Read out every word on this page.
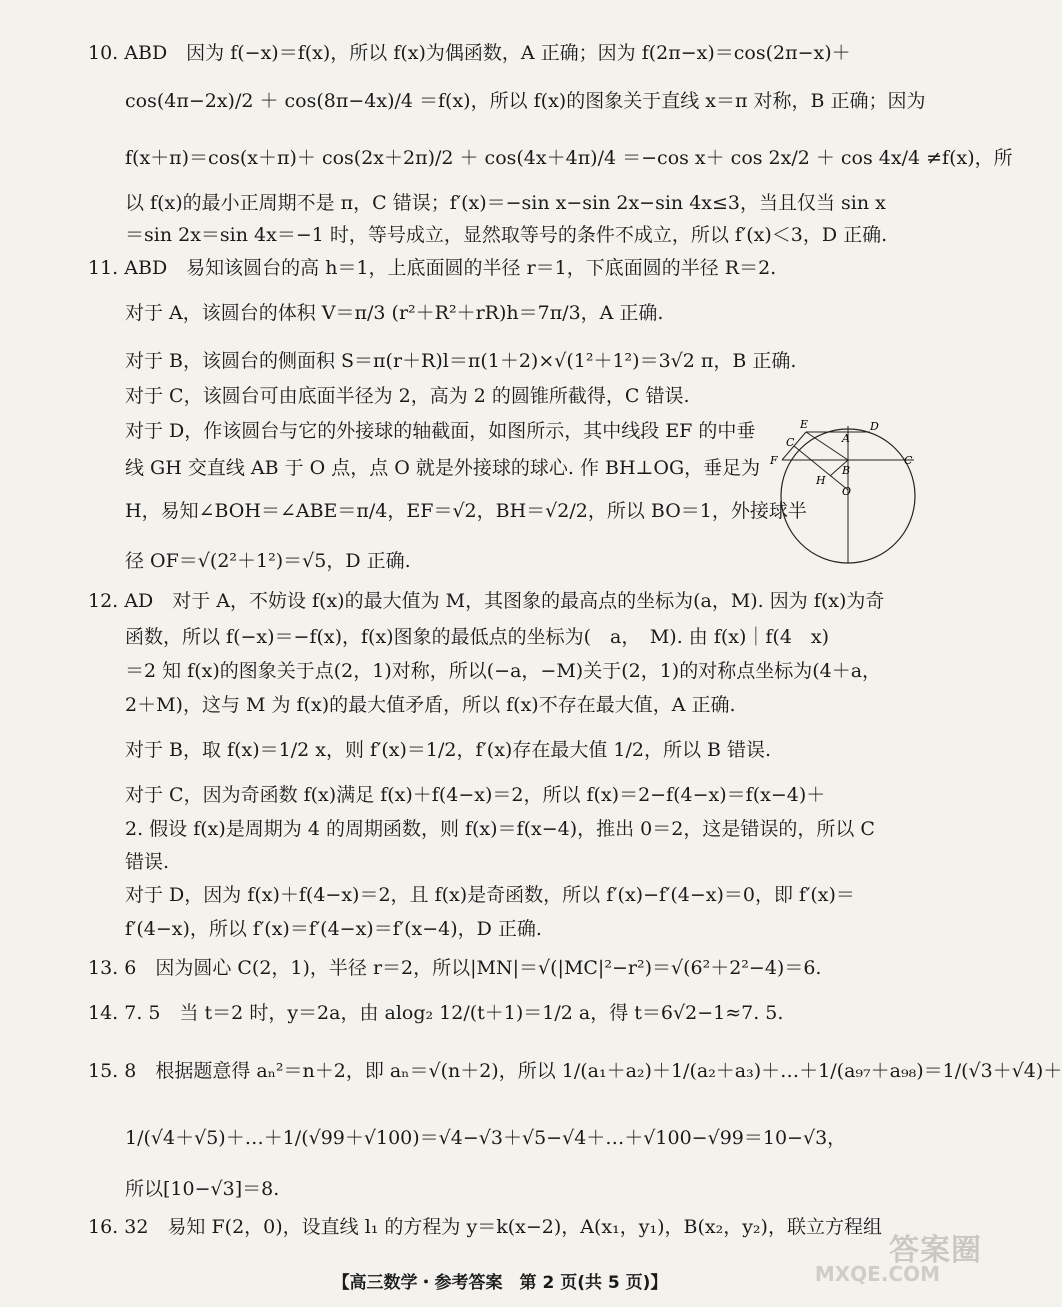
10. ABD　因为 f(−x)＝f(x)，所以 f(x)为偶函数，A 正确；因为 f(2π−x)＝cos(2π−x)＋
cos(4π−2x)/2 ＋ cos(8π−4x)/4 ＝f(x)，所以 f(x)的图象关于直线 x＝π 对称，B 正确；因为
f(x＋π)＝cos(x＋π)＋ cos(2x＋2π)/2 ＋ cos(4x＋4π)/4 ＝−cos x＋ cos 2x/2 ＋ cos 4x/4 ≠f(x)，所
以 f(x)的最小正周期不是 π，C 错误；f′(x)＝−sin x−sin 2x−sin 4x≤3，当且仅当 sin x
＝sin 2x＝sin 4x＝−1 时，等号成立，显然取等号的条件不成立，所以 f′(x)＜3，D 正确.
11. ABD　易知该圆台的高 h＝1，上底面圆的半径 r＝1，下底面圆的半径 R＝2.
对于 A，该圆台的体积 V＝π/3 (r²＋R²＋rR)h＝7π/3，A 正确.
对于 B，该圆台的侧面积 S＝π(r＋R)l＝π(1＋2)×√(1²＋1²)＝3√2 π，B 正确.
对于 C，该圆台可由底面半径为 2，高为 2 的圆锥所截得，C 错误.
对于 D，作该圆台与它的外接球的轴截面，如图所示，其中线段 EF 的中垂
线 GH 交直线 AB 于 O 点，点 O 就是外接球的球心. 作 BH⊥OG，垂足为
H，易知∠BOH＝∠ABE＝π/4，EF＝√2，BH＝√2/2，所以 BO＝1，外接球半
径 OF＝√(2²＋1²)＝√5，D 正确.
E	D
C	A
F	C
B
H
O
12. AD　对于 A，不妨设 f(x)的最大值为 M，其图象的最高点的坐标为(a，M). 因为 f(x)为奇
函数，所以 f(−x)＝−f(x)，f(x)图象的最低点的坐标为(　a，　M). 由 f(x)｜f(4　x)
＝2 知 f(x)的图象关于点(2，1)对称，所以(−a，−M)关于(2，1)的对称点坐标为(4＋a，
2＋M)，这与 M 为 f(x)的最大值矛盾，所以 f(x)不存在最大值，A 正确.
对于 B，取 f(x)＝1/2 x，则 f′(x)＝1/2，f′(x)存在最大值 1/2，所以 B 错误.
对于 C，因为奇函数 f(x)满足 f(x)＋f(4−x)＝2，所以 f(x)＝2−f(4−x)＝f(x−4)＋
2. 假设 f(x)是周期为 4 的周期函数，则 f(x)＝f(x−4)，推出 0＝2，这是错误的，所以 C
错误.
对于 D，因为 f(x)＋f(4−x)＝2，且 f(x)是奇函数，所以 f′(x)−f′(4−x)＝0，即 f′(x)＝
f′(4−x)，所以 f′(x)＝f′(4−x)＝f′(x−4)，D 正确.
13. 6　因为圆心 C(2，1)，半径 r＝2，所以|MN|＝√(|MC|²−r²)＝√(6²＋2²−4)＝6.
14. 7. 5　当 t＝2 时，y＝2a，由 alog₂ 12/(t＋1)＝1/2 a，得 t＝6√2−1≈7. 5.
15. 8　根据题意得 aₙ²＝n＋2，即 aₙ＝√(n＋2)，所以 1/(a₁＋a₂)＋1/(a₂＋a₃)＋…＋1/(a₉₇＋a₉₈)＝1/(√3＋√4)＋
1/(√4＋√5)＋…＋1/(√99＋√100)＝√4−√3＋√5−√4＋…＋√100−√99＝10−√3，
所以[10−√3]＝8.
16. 32　易知 F(2，0)，设直线 l₁ 的方程为 y＝k(x−2)，A(x₁，y₁)，B(x₂，y₂)，联立方程组
【高三数学・参考答案　第 2 页(共 5 页)】
答案圈
MXQE.COM
